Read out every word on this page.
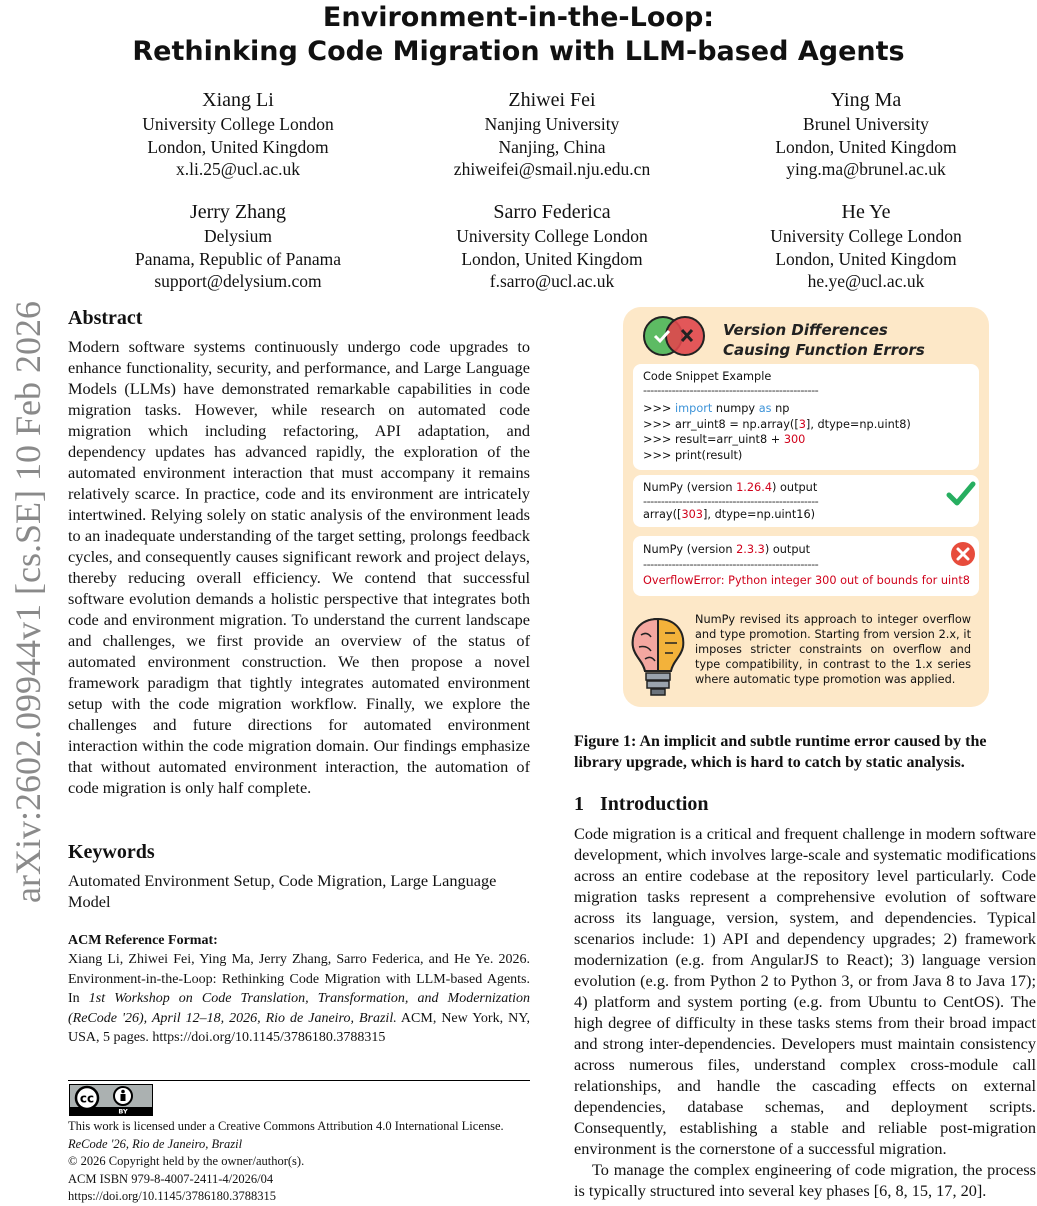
Environment-in-the-Loop:
Rethinking Code Migration with LLM-based Agents
Xiang Li
University College London
London, United Kingdom
x.li.25@ucl.ac.uk
Zhiwei Fei
Nanjing University
Nanjing, China
zhiweifei@smail.nju.edu.cn
Ying Ma
Brunel University
London, United Kingdom
ying.ma@brunel.ac.uk
Jerry Zhang
Delysium
Panama, Republic of Panama
support@delysium.com
Sarro Federica
University College London
London, United Kingdom
f.sarro@ucl.ac.uk
He Ye
University College London
London, United Kingdom
he.ye@ucl.ac.uk
arXiv:2602.09944v1 [cs.SE] 10 Feb 2026 Abstract

Modern software systems continuously undergo code upgrades to enhance functionality, security, and performance, and Large Language Models (LLMs) have demonstrated remarkable capabilities in code migration tasks. However, while research on automated code migration which including refactoring, API adaptation, and dependency updates has advanced rapidly, the exploration of the automated environment interaction that must accompany it remains relatively scarce. In practice, code and its environment are intricately intertwined. Relying solely on static analysis of the environment leads to an inadequate understanding of the target setting, prolongs feedback cycles, and consequently causes significant rework and project delays, thereby reducing overall efficiency. We contend that successful software evolution demands a holistic perspective that integrates both code and environment migration. To understand the current landscape and challenges, we first provide an overview of the status of automated environment construction. We then propose a novel framework paradigm that tightly integrates automated environment setup with the code migration workflow. Finally, we explore the challenges and future directions for automated environment interaction within the code migration domain. Our findings emphasize that without automated environment interaction, the automation of code migration is only half complete.

Keywords
Automated Environment Setup, Code Migration, Large Language Model
ACM Reference Format:
Xiang Li, Zhiwei Fei, Ying Ma, Jerry Zhang, Sarro Federica, and He Ye. 2026. Environment-in-the-Loop: Rethinking Code Migration with LLM-based Agents. In 1st Workshop on Code Translation, Transformation, and Modernization (ReCode '26), April 12–18, 2026, Rio de Janeiro, Brazil. ACM, New York, NY, USA, 5 pages. https://doi.org/10.1145/3786180.3788315
cc
BY
This work is licensed under a Creative Commons Attribution 4.0 International License.
ReCode '26, Rio de Janeiro, Brazil
© 2026 Copyright held by the owner/author(s).
ACM ISBN 979-8-4007-2411-4/2026/04
https://doi.org/10.1145/3786180.3788315
Version Differences
Causing Function Errors
Code Snippet Example
-------------------------------------------------
>>> import numpy as np
>>> arr_uint8 = np.array([3], dtype=np.uint8)
>>> result=arr_uint8 + 300
>>> print(result)
NumPy (version 1.26.4) output
-------------------------------------------------
array([303], dtype=np.uint16)
NumPy (version 2.3.3) output
-------------------------------------------------
OverflowError: Python integer 300 out of bounds for uint8
NumPy revised its approach to integer overflow and type promotion. Starting from version 2.x, it imposes stricter constraints on overflow and type compatibility, in contrast to the 1.x series where automatic type promotion was applied.
Figure 1: An implicit and subtle runtime error caused by the library upgrade, which is hard to catch by static analysis.
1 Introduction

Code migration is a critical and frequent challenge in modern software development, which involves large-scale and systematic modifications across an entire codebase at the repository level particularly. Code migration tasks represent a comprehensive evolution of software across its language, version, system, and dependencies. Typical scenarios include: 1) API and dependency upgrades; 2) framework modernization (e.g. from AngularJS to React); 3) language version evolution (e.g. from Python 2 to Python 3, or from Java 8 to Java 17); 4) platform and system porting (e.g. from Ubuntu to CentOS). The high degree of difficulty in these tasks stems from their broad impact and strong inter-dependencies. Developers must maintain consistency across numerous files, understand complex cross-module call relationships, and handle the cascading effects on external dependencies, database schemas, and deployment scripts. Consequently, establishing a stable and reliable post-migration environment is the cornerstone of a successful migration.

To manage the complex engineering of code migration, the process is typically structured into several key phases [6, 8, 15, 17, 20].
